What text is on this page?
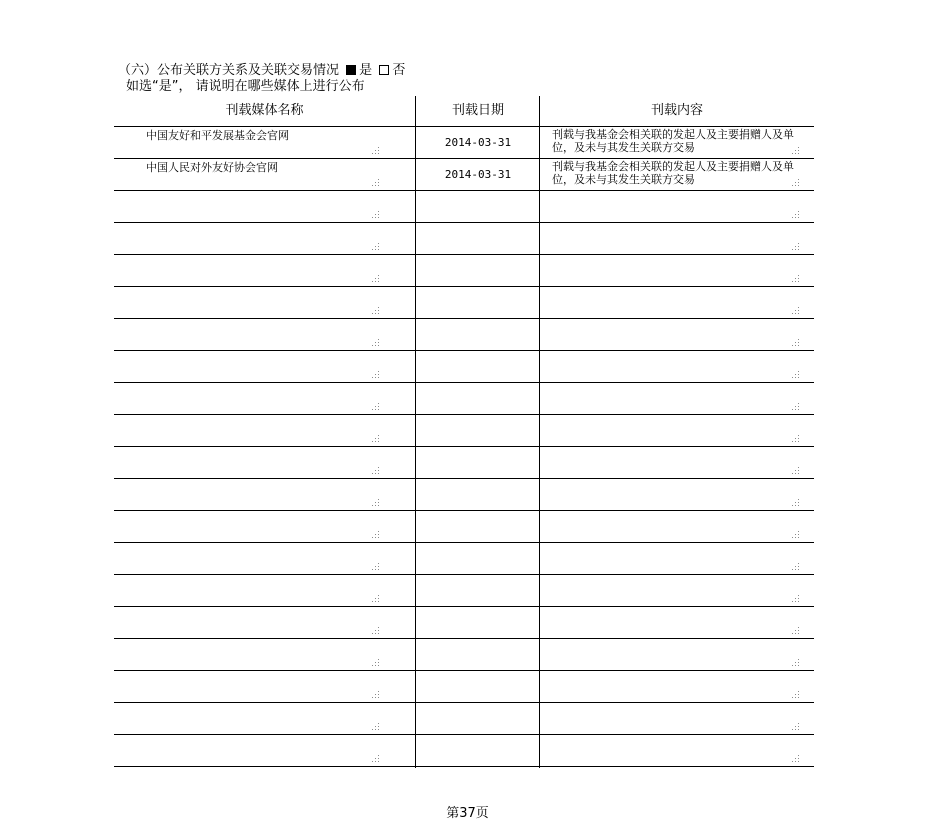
（六）公布关联方关系及关联交易情况 是 否
如选“是”， 请说明在哪些媒体上进行公布
刊载媒体名称	刊载日期	刊载内容
中国友好和平发展基金会官网
2014-03-31
刊载与我基金会相关联的发起人及主要捐赠人及单位，及未与其发生关联方交易
中国人民对外友好协会官网
2014-03-31
刊载与我基金会相关联的发起人及主要捐赠人及单位，及未与其发生关联方交易
第37页
